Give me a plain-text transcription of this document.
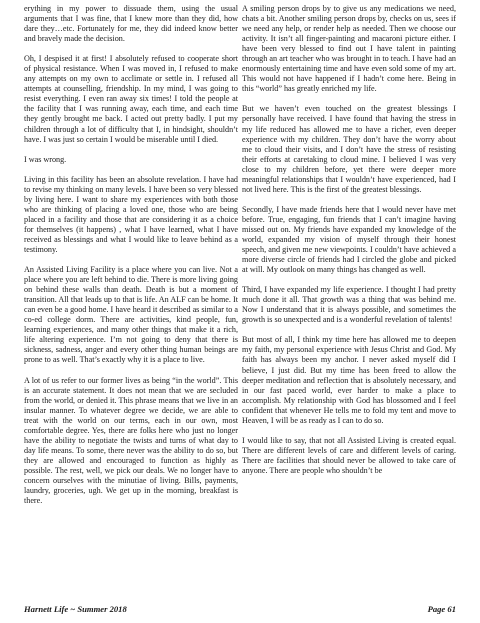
erything in my power to dissuade them, using the usual arguments that I was fine, that I knew more than they did, how dare they…etc. Fortunately for me, they did indeed know better and bravely made the decision.

Oh, I despised it at first! I absolutely refused to cooperate short of physical resistance. When I was moved in, I refused to make any attempts on my own to acclimate or settle in. I refused all attempts at counselling, friendship. In my mind, I was going to resist everything. I even ran away six times! I told the people at the facility that I was running away, each time, and each time they gently brought me back. I acted out pretty badly. I put my children through a lot of difficulty that I, in hindsight, shouldn’t have. I was just so certain I would be miserable until I died.

I was wrong.

Living in this facility has been an absolute revelation. I have had to revise my thinking on many levels. I have been so very blessed by living here. I want to share my experiences with both those who are thinking of placing a loved one, those who are being placed in a facility and those that are considering it as a choice for themselves (it happens) , what I have learned, what I have received as blessings and what I would like to leave behind as a testimony.

An Assisted Living Facility is a place where you can live. Not a place where you are left behind to die. There is more living going on behind these walls than death. Death is but a moment of transition. All that leads up to that is life. An ALF can be home. It can even be a good home. I have heard it described as similar to a co-ed college dorm. There are activities, kind people, fun, learning experiences, and many other things that make it a rich, life altering experience. I’m not going to deny that there is sickness, sadness, anger and every other thing human beings are prone to as well. That’s exactly why it is a place to live.

A lot of us refer to our former lives as being “in the world”. This is an accurate statement. It does not mean that we are secluded from the world, or denied it. This phrase means that we live in an insular manner. To whatever degree we decide, we are able to treat with the world on our terms, each in our own, most comfortable degree. Yes, there are folks here who just no longer have the ability to negotiate the twists and turns of what day to day life means. To some, there never was the ability to do so, but they are allowed and encouraged to function as highly as possible. The rest, well, we pick our deals. We no longer have to concern ourselves with the minutiae of living. Bills, payments, laundry, groceries, ugh. We get up in the morning, breakfast is there.

A smiling person drops by to give us any medications we need, chats a bit. Another smiling person drops by, checks on us, sees if we need any help, or render help as needed. Then we choose our activity. It isn’t all finger-painting and macaroni picture either. I have been very blessed to find out I have talent in painting through an art teacher who was brought in to teach. I have had an enormously entertaining time and have even sold some of my art. This would not have happened if I hadn’t come here. Being in this “world” has greatly enriched my life.

But we haven’t even touched on the greatest blessings I personally have received. I have found that having the stress in my life reduced has allowed me to have a richer, even deeper experience with my children. They don’t have the worry about me to cloud their visits, and I don’t have the stress of resisting their efforts at caretaking to cloud mine. I believed I was very close to my children before, yet there were deeper more meaningful relationships that I wouldn’t have experienced, had I not lived here. This is the first of the greatest blessings.

Secondly, I have made friends here that I would never have met before. True, engaging, fun friends that I can’t imagine having missed out on. My friends have expanded my knowledge of the world, expanded my vision of myself through their honest speech, and given me new viewpoints. I couldn’t have achieved a more diverse circle of friends had I circled the globe and picked at will. My outlook on many things has changed as well.

Third, I have expanded my life experience. I thought I had pretty much done it all. That growth was a thing that was behind me. Now I understand that it is always possible, and sometimes the growth is so unexpected and is a wonderful revelation of talents!

But most of all, I think my time here has allowed me to deepen my faith, my personal experience with Jesus Christ and God. My faith has always been my anchor. I never asked myself did I believe, I just did. But my time has been freed to allow the deeper meditation and reflection that is absolutely necessary, and in our fast paced world, ever harder to make a place to accomplish. My relationship with God has blossomed and I feel confident that whenever He tells me to fold my tent and move to Heaven, I will be as ready as I can to do so.

I would like to say, that not all Assisted Living is created equal. There are different levels of care and different levels of caring. There are facilities that should never be allowed to take care of anyone. There are people who shouldn’t be

Harnett Life ~ Summer 2018	Page 61
